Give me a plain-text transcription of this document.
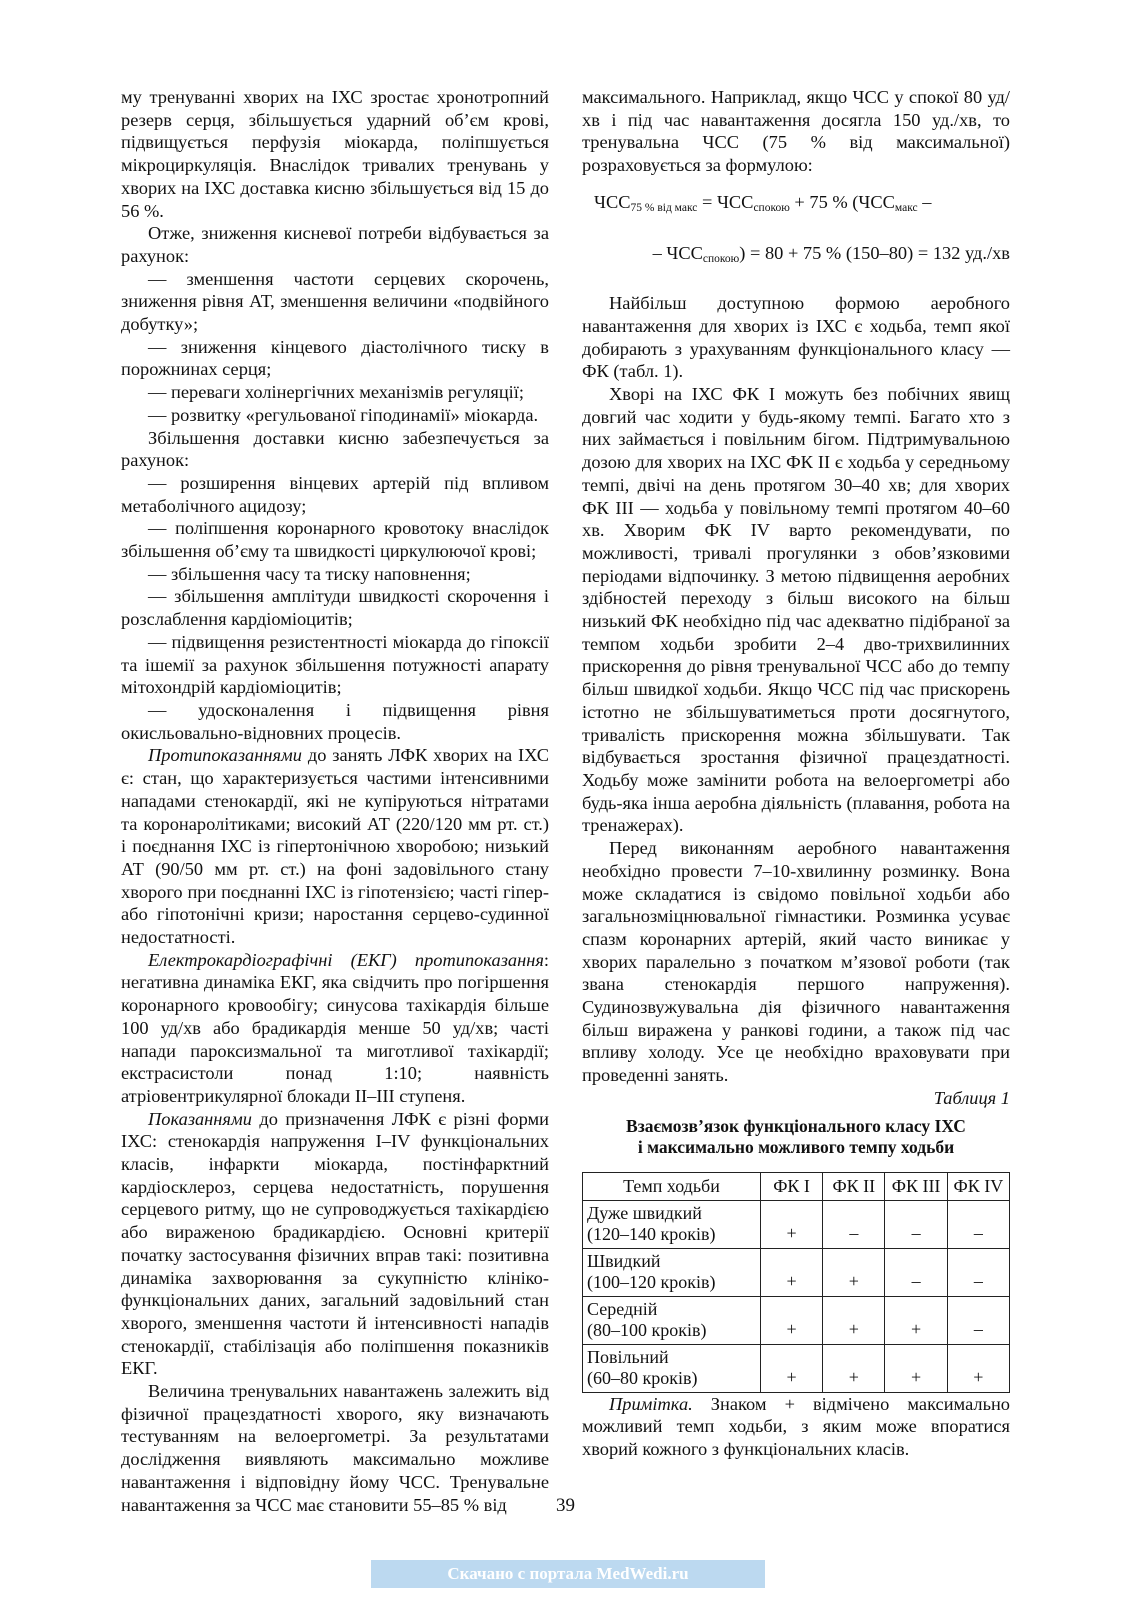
му тренуванні хворих на ІХС зростає хронотропний резерв серця, збільшується ударний об’єм крові, підвищується перфузія міокарда, поліпшується мікроциркуляція. Внаслідок тривалих тренувань у хворих на ІХС доставка кисню збільшується від 15 до 56 %.

Отже, зниження кисневої потреби відбувається за рахунок:

— зменшення частоти серцевих скорочень, зниження рівня АТ, зменшення величини «подвійного добутку»;

— зниження кінцевого діастолічного тиску в порожнинах серця;

— переваги холінергічних механізмів регуляції;

— розвитку «регульованої гіподинамії» міокарда.

Збільшення доставки кисню забезпечується за рахунок:

— розширення вінцевих артерій під впливом метаболічного ацидозу;

— поліпшення коронарного кровотоку внаслідок збільшення об’єму та швидкості циркулюючої крові;

— збільшення часу та тиску наповнення;

— збільшення амплітуди швидкості скорочення і розслаблення кардіоміоцитів;

— підвищення резистентності міокарда до гіпоксії та ішемії за рахунок збільшення потужності апарату мітохондрій кардіоміоцитів;

— удосконалення і підвищення рівня окисльовально-відновних процесів.

Протипоказаннями до занять ЛФК хворих на ІХС є: стан, що характеризується частими інтенсивними нападами стенокардії, які не купіруються нітратами та коронаролітиками; високий АТ (220/120 мм рт. ст.) і поєднання ІХС із гіпертонічною хворобою; низький АТ (90/50 мм рт. ст.) на фоні задовільного стану хворого при поєднанні ІХС із гіпотензією; часті гіпер- або гіпотонічні кризи; наростання серцево-судинної недостатності.

Електрокардіографічні (ЕКГ) протипоказання: негативна динаміка ЕКГ, яка свідчить про погіршення коронарного кровообігу; синусова тахікардія більше 100 уд/хв або брадикардія менше 50 уд/хв; часті напади пароксизмальної та миготливої тахікардії; екстрасистоли понад 1:10; наявність атріовентрикулярної блокади II–III ступеня.

Показаннями до призначення ЛФК є різні форми ІХС: стенокардія напруження I–IV функціональних класів, інфаркти міокарда, постінфарктний кардіосклероз, серцева недостатність, порушення серцевого ритму, що не супроводжується тахікардією або вираженою брадикардією. Основні критерії початку застосування фізичних вправ такі: позитивна динаміка захворювання за сукупністю клініко-функціональних даних, загальний задовільний стан хворого, зменшення частоти й інтенсивності нападів стенокардії, стабілізація або поліпшення показників ЕКГ.

Величина тренувальних навантажень залежить від фізичної працездатності хворого, яку визначають тестуванням на велоергометрі. За результатами дослідження виявляють максимально можливе навантаження і відповідну йому ЧСС. Тренувальне навантаження за ЧСС має становити 55–85 % від

максимального. Наприклад, якщо ЧСС у спокої 80 уд/хв і під час навантаження досягла 150 уд./хв, то тренувальна ЧСС (75 % від максимальної) розраховується за формулою:

$ЧСС_{75 \% від макс} = ЧСС_{спокою} + 75$ % ($ЧСС_{макс}$ –
– $ЧСС_{спокою}) = 80 + 75$ % (150–80) = 132 уд./хв

Найбільш доступною формою аеробного навантаження для хворих із ІХС є ходьба, темп якої добирають з урахуванням функціонального класу — ФК (табл. 1).

Хворі на ІХС ФК I можуть без побічних явищ довгий час ходити у будь-якому темпі. Багато хто з них займається і повільним бігом. Підтримувальною дозою для хворих на ІХС ФК II є ходьба у середньому темпі, двічі на день протягом 30–40 хв; для хворих ФК III — ходьба у повільному темпі протягом 40–60 хв. Хворим ФК IV варто рекомендувати, по можливості, тривалі прогулянки з обов’язковими періодами відпочинку. З метою підвищення аеробних здібностей переходу з більш високого на більш низький ФК необхідно під час адекватно підібраної за темпом ходьби зробити 2–4 дво-трихвилинних прискорення до рівня тренувальної ЧСС або до темпу більш швидкої ходьби. Якщо ЧСС під час прискорень істотно не збільшуватиметься проти досягнутого, тривалість прискорення можна збільшувати. Так відбувається зростання фізичної працездатності. Ходьбу може замінити робота на велоергометрі або будь-яка інша аеробна діяльність (плавання, робота на тренажерах).

Перед виконанням аеробного навантаження необхідно провести 7–10-хвилинну розминку. Вона може складатися із свідомо повільної ходьби або загальнозміцнювальної гімнастики. Розминка усуває спазм коронарних артерій, який часто виникає у хворих паралельно з початком м’язової роботи (так звана стенокардія першого напруження). Судинозвужувальна дія фізичного навантаження більш виражена у ранкові години, а також під час впливу холоду. Усе це необхідно враховувати при проведенні занять.

Таблиця 1

Взаємозв’язок функціонального класу ІХС
і максимально можливого темпу ходьби
Темп ходьби	ФК I	ФК II	ФК III	ФК IV

Дуже швидкий
(120–140 кроків)	+	–	–	–

Швидкий
(100–120 кроків)	+	+	–	–

Середній
(80–100 кроків)	+	+	+	–

Повільний
(60–80 кроків)	+	+	+	+

Примітка. Знаком + відмічено максимально можливий темп ходьби, з яким може впоратися хворий кожного з функціональних класів.

39
Скачано с портала MedWedi.ru
